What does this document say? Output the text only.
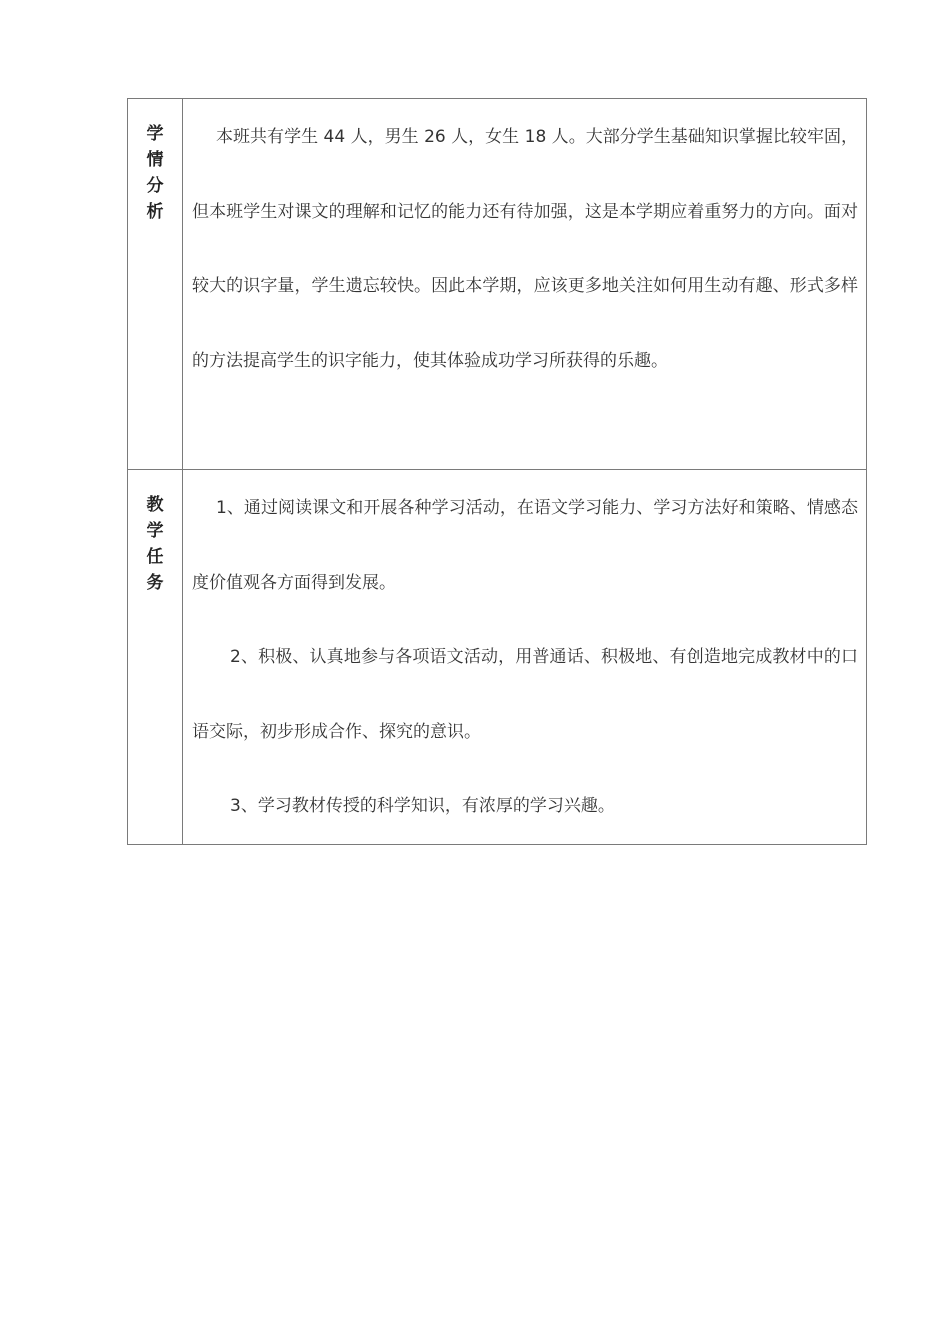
学情分析	本班共有学生 44 人，男生 26 人，女生 18 人。大部分学生基础知识掌握比较牢固，但本班学生对课文的理解和记忆的能力还有待加强，这是本学期应着重努力的方向。面对较大的识字量，学生遗忘较快。因此本学期，应该更多地关注如何用生动有趣、形式多样的方法提高学生的识字能力，使其体验成功学习所获得的乐趣。

教学任务	1、通过阅读课文和开展各种学习活动，在语文学习能力、学习方法好和策略、情感态度价值观各方面得到发展。

2、积极、认真地参与各项语文活动，用普通话、积极地、有创造地完成教材中的口语交际，初步形成合作、探究的意识。

3、学习教材传授的科学知识，有浓厚的学习兴趣。
